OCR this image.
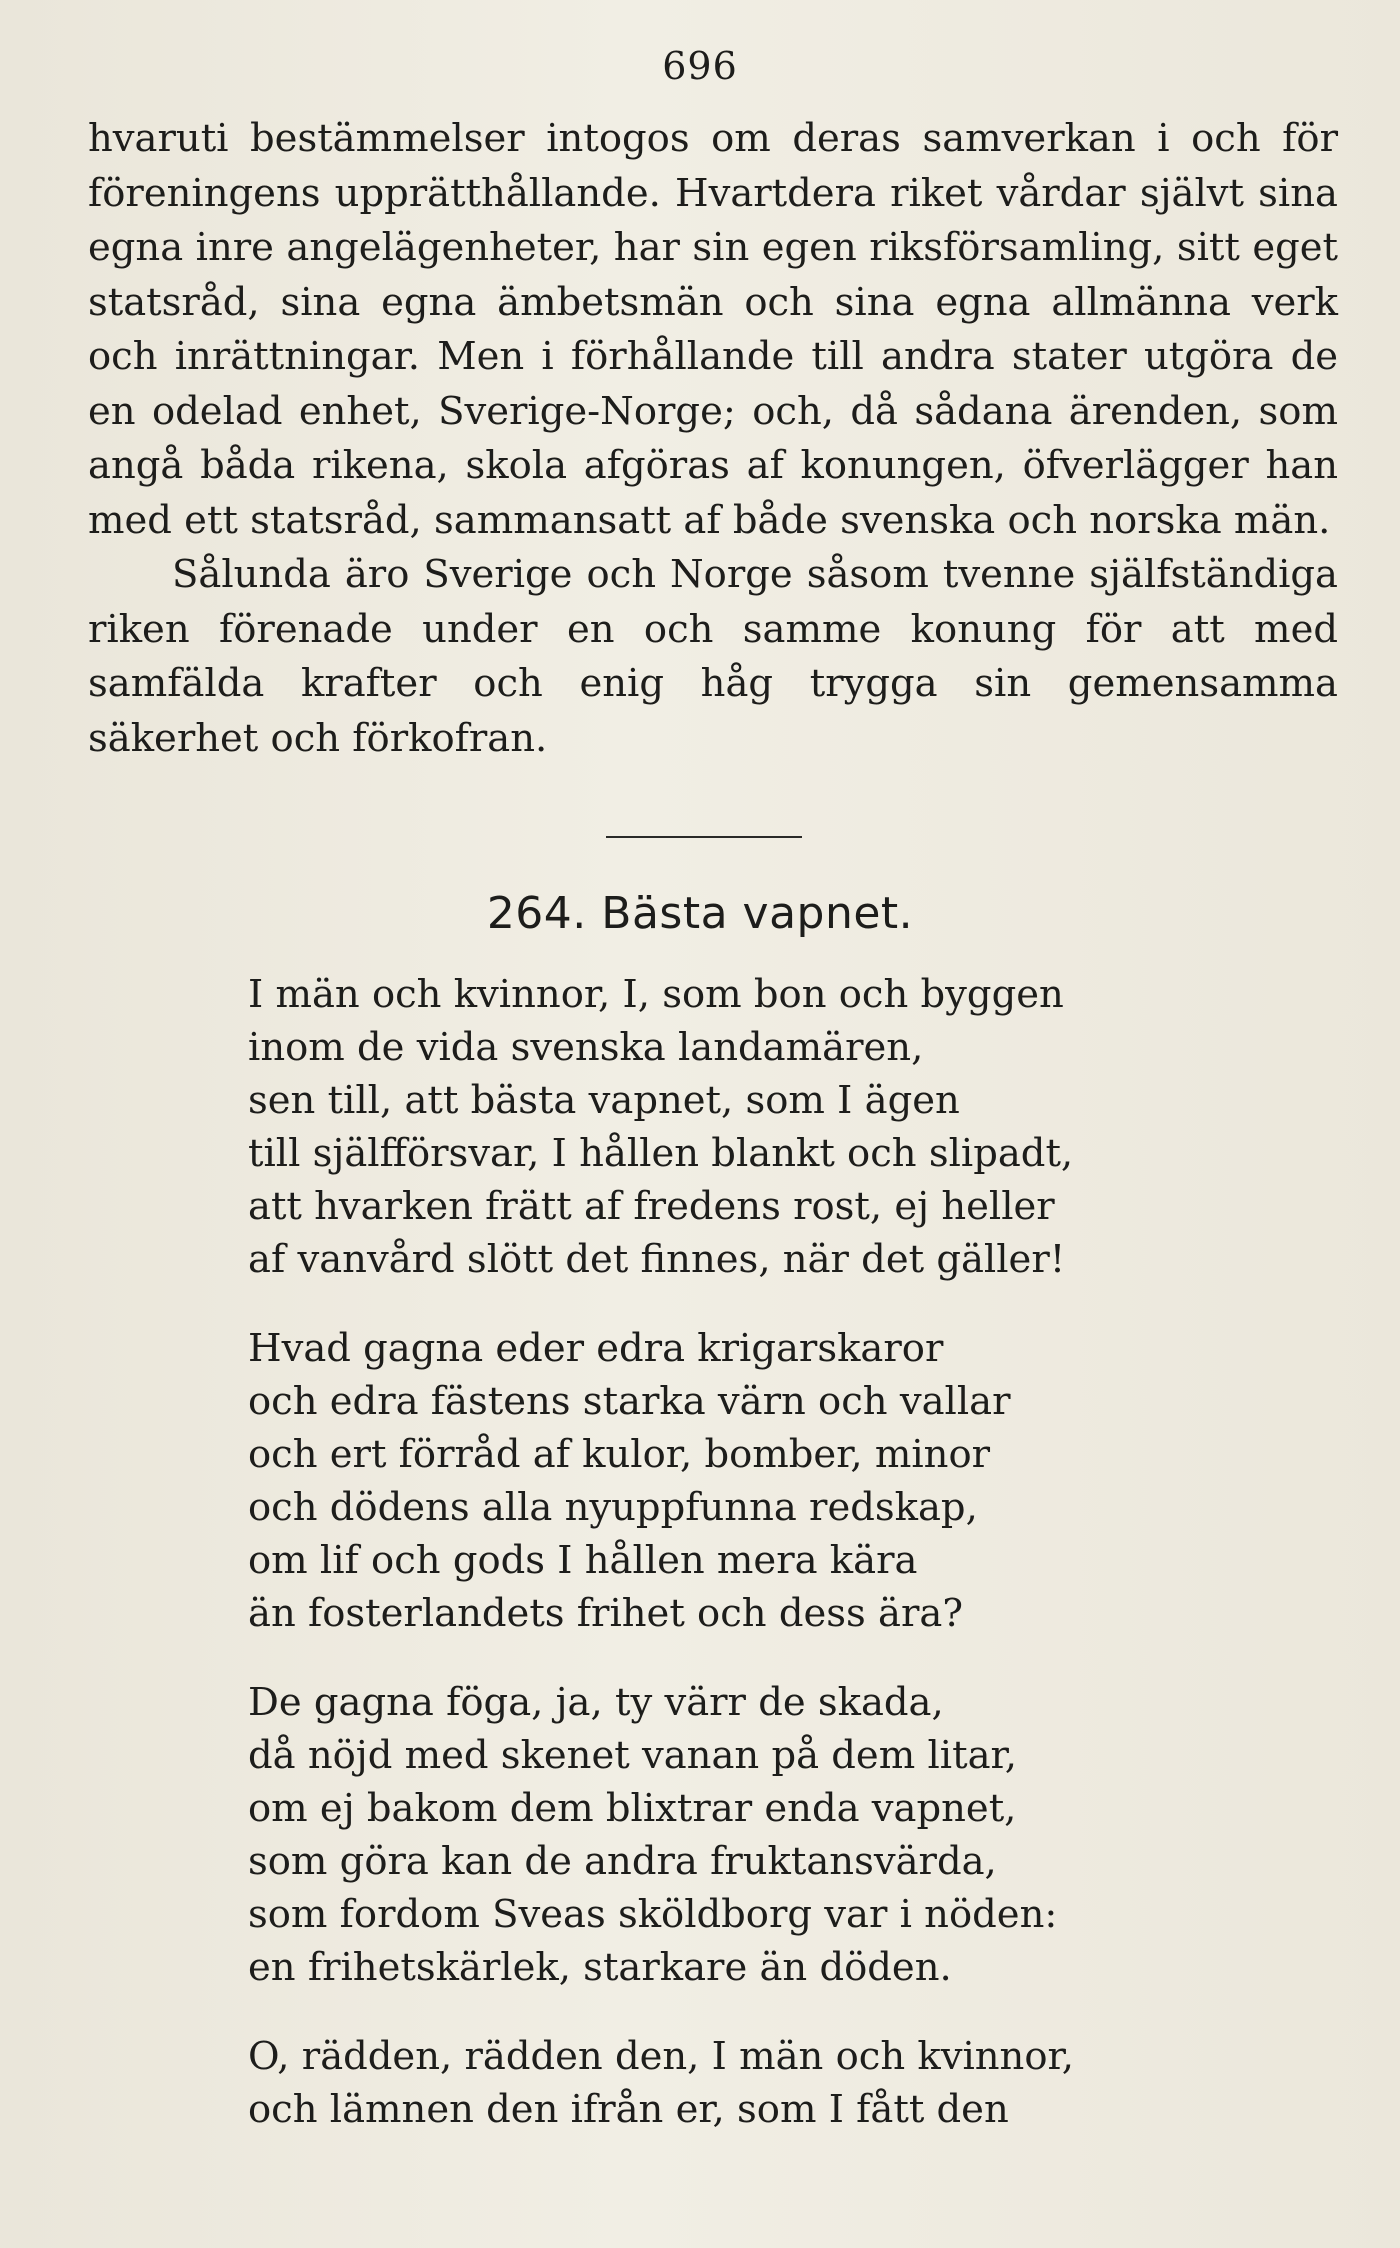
696

hvaruti bestämmelser intogos om deras samverkan i och för föreningens upprätthållande. Hvartdera riket vårdar självt sina egna inre angelägenheter, har sin egen riksförsamling, sitt eget statsråd, sina egna ämbetsmän och sina egna allmänna verk och inrättningar. Men i förhållande till andra stater utgöra de en odelad enhet, Sverige-Norge; och, då sådana ärenden, som angå båda rikena, skola afgöras af konungen, öfverlägger han med ett statsråd, sammansatt af både svenska och norska män.

Sålunda äro Sverige och Norge såsom tvenne själfständiga riken förenade under en och samme konung för att med samfälda krafter och enig håg trygga sin gemensamma säkerhet och förkofran.

264. Bästa vapnet.
I män och kvinnor, I, som bon och byggen
inom de vida svenska landamären,
sen till, att bästa vapnet, som I ägen
till själfförsvar, I hållen blankt och slipadt,
att hvarken frätt af fredens rost, ej heller
af vanvård slött det finnes, när det gäller!
Hvad gagna eder edra krigarskaror
och edra fästens starka värn och vallar
och ert förråd af kulor, bomber, minor
och dödens alla nyuppfunna redskap,
om lif och gods I hållen mera kära
än fosterlandets frihet och dess ära?
De gagna föga, ja, ty värr de skada,
då nöjd med skenet vanan på dem litar,
om ej bakom dem blixtrar enda vapnet,
som göra kan de andra fruktansvärda,
som fordom Sveas sköldborg var i nöden:
en frihetskärlek, starkare än döden.
O, rädden, rädden den, I män och kvinnor,
och lämnen den ifrån er, som I fått den
